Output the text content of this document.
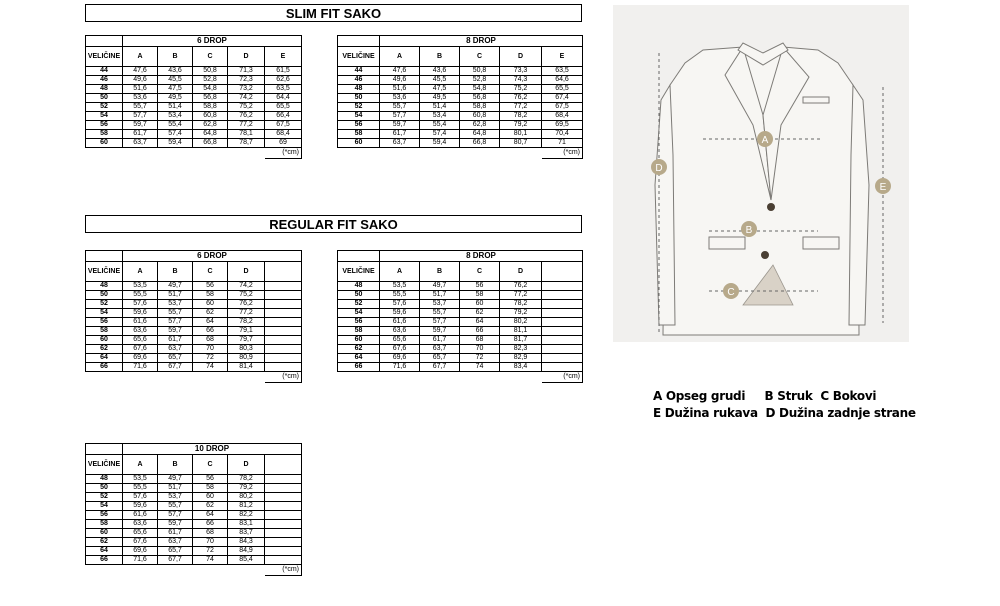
SLIM FIT SAKO
	6 DROP				
VELIČINE	A	B	C	D	E
44	47,6	43,6	50,8	71,3	61,5
46	49,6	45,5	52,8	72,3	62,6
48	51,6	47,5	54,8	73,2	63,5
50	53,6	49,5	56,8	74,2	64,4
52	55,7	51,4	58,8	75,2	65,5
54	57,7	53,4	60,8	76,2	66,4
56	59,7	55,4	62,8	77,2	67,5
58	61,7	57,4	64,8	78,1	68,4
60	63,7	59,4	66,8	78,7	69
					(*cm)
	8 DROP				
VELIČINE	A	B	C	D	E
44	47,6	43,6	50,8	73,3	63,5
46	49,6	45,5	52,8	74,3	64,6
48	51,6	47,5	54,8	75,2	65,5
50	53,6	49,5	56,8	76,2	67,4
52	55,7	51,4	58,8	77,2	67,5
54	57,7	53,4	60,8	78,2	68,4
56	59,7	55,4	62,8	79,2	69,5
58	61,7	57,4	64,8	80,1	70,4
60	63,7	59,4	66,8	80,7	71
					(*cm)
REGULAR FIT SAKO
	6 DROP				
VELIČINE	A	B	C	D	
48	53,5	49,7	56	74,2	
50	55,5	51,7	58	75,2	
52	57,6	53,7	60	76,2	
54	59,6	55,7	62	77,2	
56	61,6	57,7	64	78,2	
58	63,6	59,7	66	79,1	
60	65,6	61,7	68	79,7	
62	67,6	63,7	70	80,3	
64	69,6	65,7	72	80,9	
66	71,6	67,7	74	81,4	
					(*cm)
	8 DROP				
VELIČINE	A	B	C	D	
48	53,5	49,7	56	76,2	
50	55,5	51,7	58	77,2	
52	57,6	53,7	60	78,2	
54	59,6	55,7	62	79,2	
56	61,6	57,7	64	80,2	
58	63,6	59,7	66	81,1	
60	65,6	61,7	68	81,7	
62	67,6	63,7	70	82,3	
64	69,6	65,7	72	82,9	
66	71,6	67,7	74	83,4	
					(*cm)
	10 DROP				
VELIČINE	A	B	C	D	
48	53,5	49,7	56	78,2	
50	55,5	51,7	58	79,2	
52	57,6	53,7	60	80,2	
54	59,6	55,7	62	81,2	
56	61,6	57,7	64	82,2	
58	63,6	59,7	66	83,1	
60	65,6	61,7	68	83,7	
62	67,6	63,7	70	84,3	
64	69,6	65,7	72	84,9	
66	71,6	67,7	74	85,4	
					(*cm)
A
B
C
D
E
A Opseg grudi     B Struk  C Bokovi
E Dužina rukava  D Dužina zadnje strane
